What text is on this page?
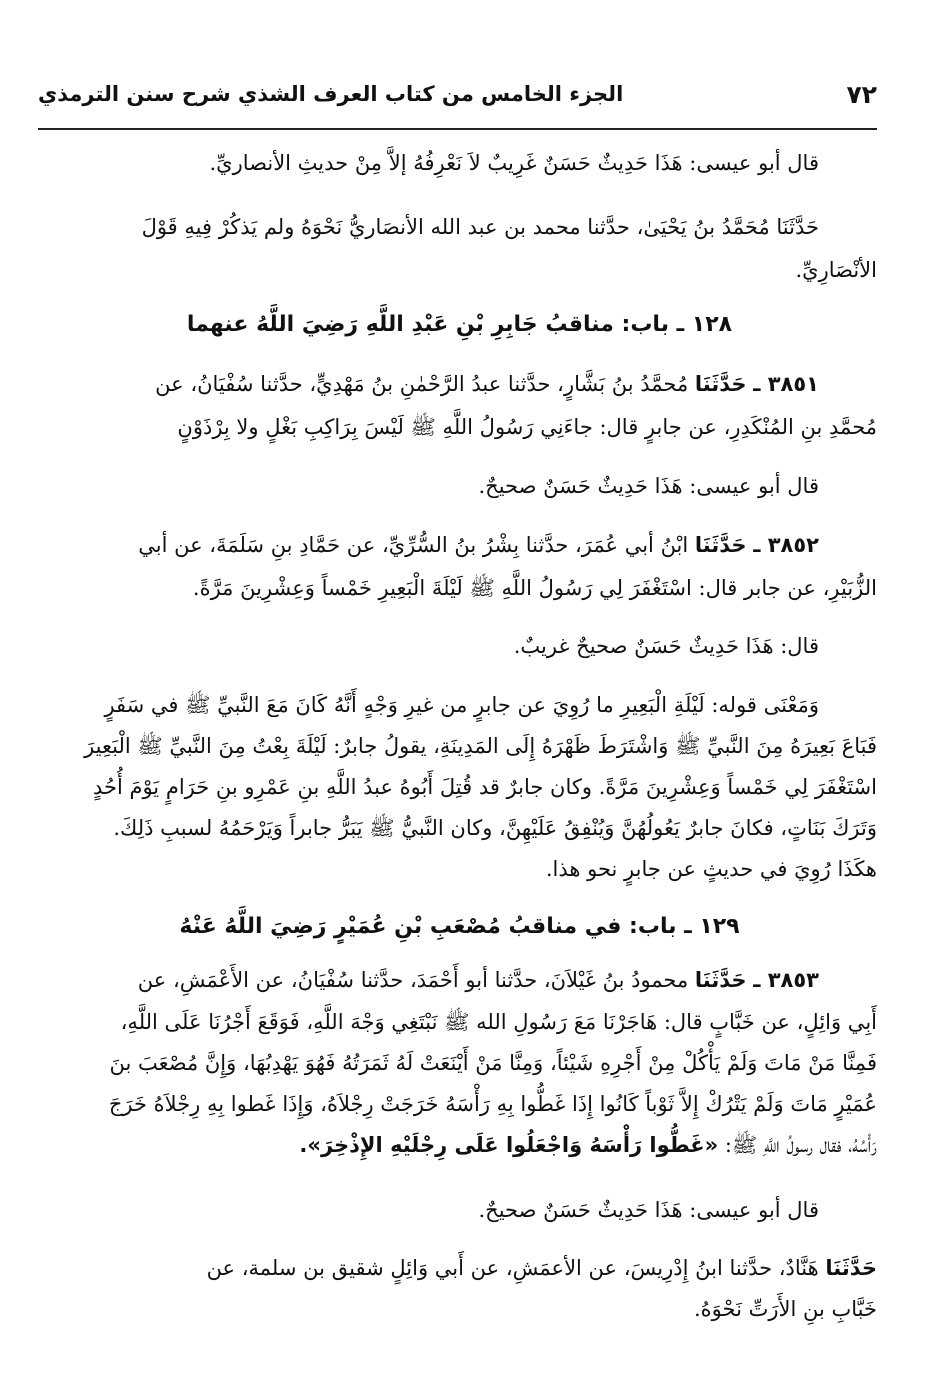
٧٢
الجزء الخامس من كتاب العرف الشذي شرح سنن الترمذي
قال أبو عيسى: هَذَا حَدِيثٌ حَسَنٌ غَرِيبٌ لاَ نَعْرِفُهُ إلاَّ مِنْ حديثِ الأنصاريِّ.
حَدَّثَنَا مُحَمَّدُ بنُ يَحْيَىٰ، حدَّثنا محمد بن عبد الله الأنصَاريُّ نَحْوَهُ ولم يَذكُرْ فِيهِ قَوْلَ
الأنْصَارِيِّ.
١٢٨ ـ باب: مناقبُ جَابِرِ بْنِ عَبْدِ اللَّهِ رَضِيَ اللَّهُ عنهما
٣٨٥١ ـ حَدَّثَنَا مُحمَّدُ بنُ بَشَّارٍ، حدَّثنا عبدُ الرَّحْمٰنِ بنُ مَهْدِيٍّ، حدَّثنا سُفْيَانُ، عن
مُحمَّدِ بنِ المُنْكَدِرِ، عن جابرٍ قال: جاءَنِي رَسُولُ اللَّهِ ﷺ لَيْسَ بِرَاكِبِ بَغْلٍ ولا بِرْذَوْنٍ
قال أبو عيسى: هَذَا حَدِيثٌ حَسَنٌ صحيحٌ.
٣٨٥٢ ـ حَدَّثَنَا ابْنُ أبي عُمَرَ، حدَّثنا بِشْرُ بنُ السُّرِّيِّ، عن حَمَّادِ بنِ سَلَمَةَ، عن أبي
الزُّبَيْرِ، عن جابر قال: اسْتَغْفَرَ لِي رَسُولُ اللَّهِ ﷺ لَيْلَةَ الْبَعِيرِ خَمْساً وَعِشْرِينَ مَرَّةً.
قال: هَذَا حَدِيثٌ حَسَنٌ صحيحٌ غريبٌ.
وَمَعْنَى قوله: لَيْلَةِ الْبَعِيرِ ما رُوِيَ عن جابرٍ من غيرِ وَجْهٍ أَنَّهُ كَانَ مَعَ النَّبيِّ ﷺ في سَفَرٍ
فَبَاعَ بَعِيرَهُ مِنَ النَّبيِّ ﷺ وَاشْتَرَطَ ظَهْرَهُ إِلَى المَدِينَةِ، يقولُ جابرٌ: لَيْلَةَ بِعْتُ مِنَ النَّبيِّ ﷺ الْبَعِيرَ
اسْتَغْفَرَ لِي خَمْساً وَعِشْرِينَ مَرَّةً. وكان جابرٌ قد قُتِلَ أَبُوهُ عبدُ اللَّهِ بنِ عَمْرِو بنِ حَرَامٍ يَوْمَ أُحُدٍ
وَتَرَكَ بَنَاتٍ، فكانَ جابرٌ يَعُولُهُنَّ وَيُنْفِقُ عَلَيْهِنَّ، وكان النَّبيُّ ﷺ يَبَرُّ جابراً وَيَرْحَمُهُ لسببِ ذَلِكَ.
هكَذَا رُوِيَ في حديثٍ عن جابرٍ نحو هذا.
١٢٩ ـ باب: في مناقبُ مُصْعَبِ بْنِ عُمَيْرٍ رَضِيَ اللَّهُ عَنْهُ
٣٨٥٣ ـ حَدَّثَنَا محمودُ بنُ غَيْلاَنَ، حدَّثنا أبو أَحْمَدَ، حدَّثنا سُفْيَانُ، عن الأَعْمَشِ، عن
أَبِي وَائِلٍ، عن خَبَّابٍ قال: هَاجَرْنَا مَعَ رَسُولِ الله ﷺ نَبْتَغِي وَجْهَ اللَّهِ، فَوَقَعَ أَجْرُنَا عَلَى اللَّهِ،
فَمِنَّا مَنْ مَاتَ وَلَمْ يَأْكُلْ مِنْ أَجْرِهِ شَيْئاً، وَمِنَّا مَنْ أَيْنَعَتْ لَهُ ثَمَرَتُهُ فَهُوَ يَهْدِبُهَا، وَإِنَّ مُصْعَبَ بنَ
عُمَيْرٍ مَاتَ وَلَمْ يَتْرُكْ إِلاَّ ثَوْباً كَانُوا إِذَا غَطُّوا بِهِ رَأْسَهُ خَرَجَتْ رِجْلاَهُ، وَإِذَا غَطوا بِهِ رِجْلاَهُ خَرَجَ
رَأْسُهُ، فقال رسولُ اللَّهِ ﷺ: «غَطُّوا رَأْسَهُ وَاجْعَلُوا عَلَى رِجْلَيْهِ الإِذْخِرَ».
قال أبو عيسى: هَذَا حَدِيثٌ حَسَنٌ صحيحٌ.
حَدَّثَنَا هَنَّادٌ، حدَّثنا ابنُ إِدْرِيسَ، عن الأعمَشِ، عن أَبي وَائِلٍ شقيق بن سلمة، عن
خَبَّابِ بنِ الأَرَتِّ نَحْوَهُ.
